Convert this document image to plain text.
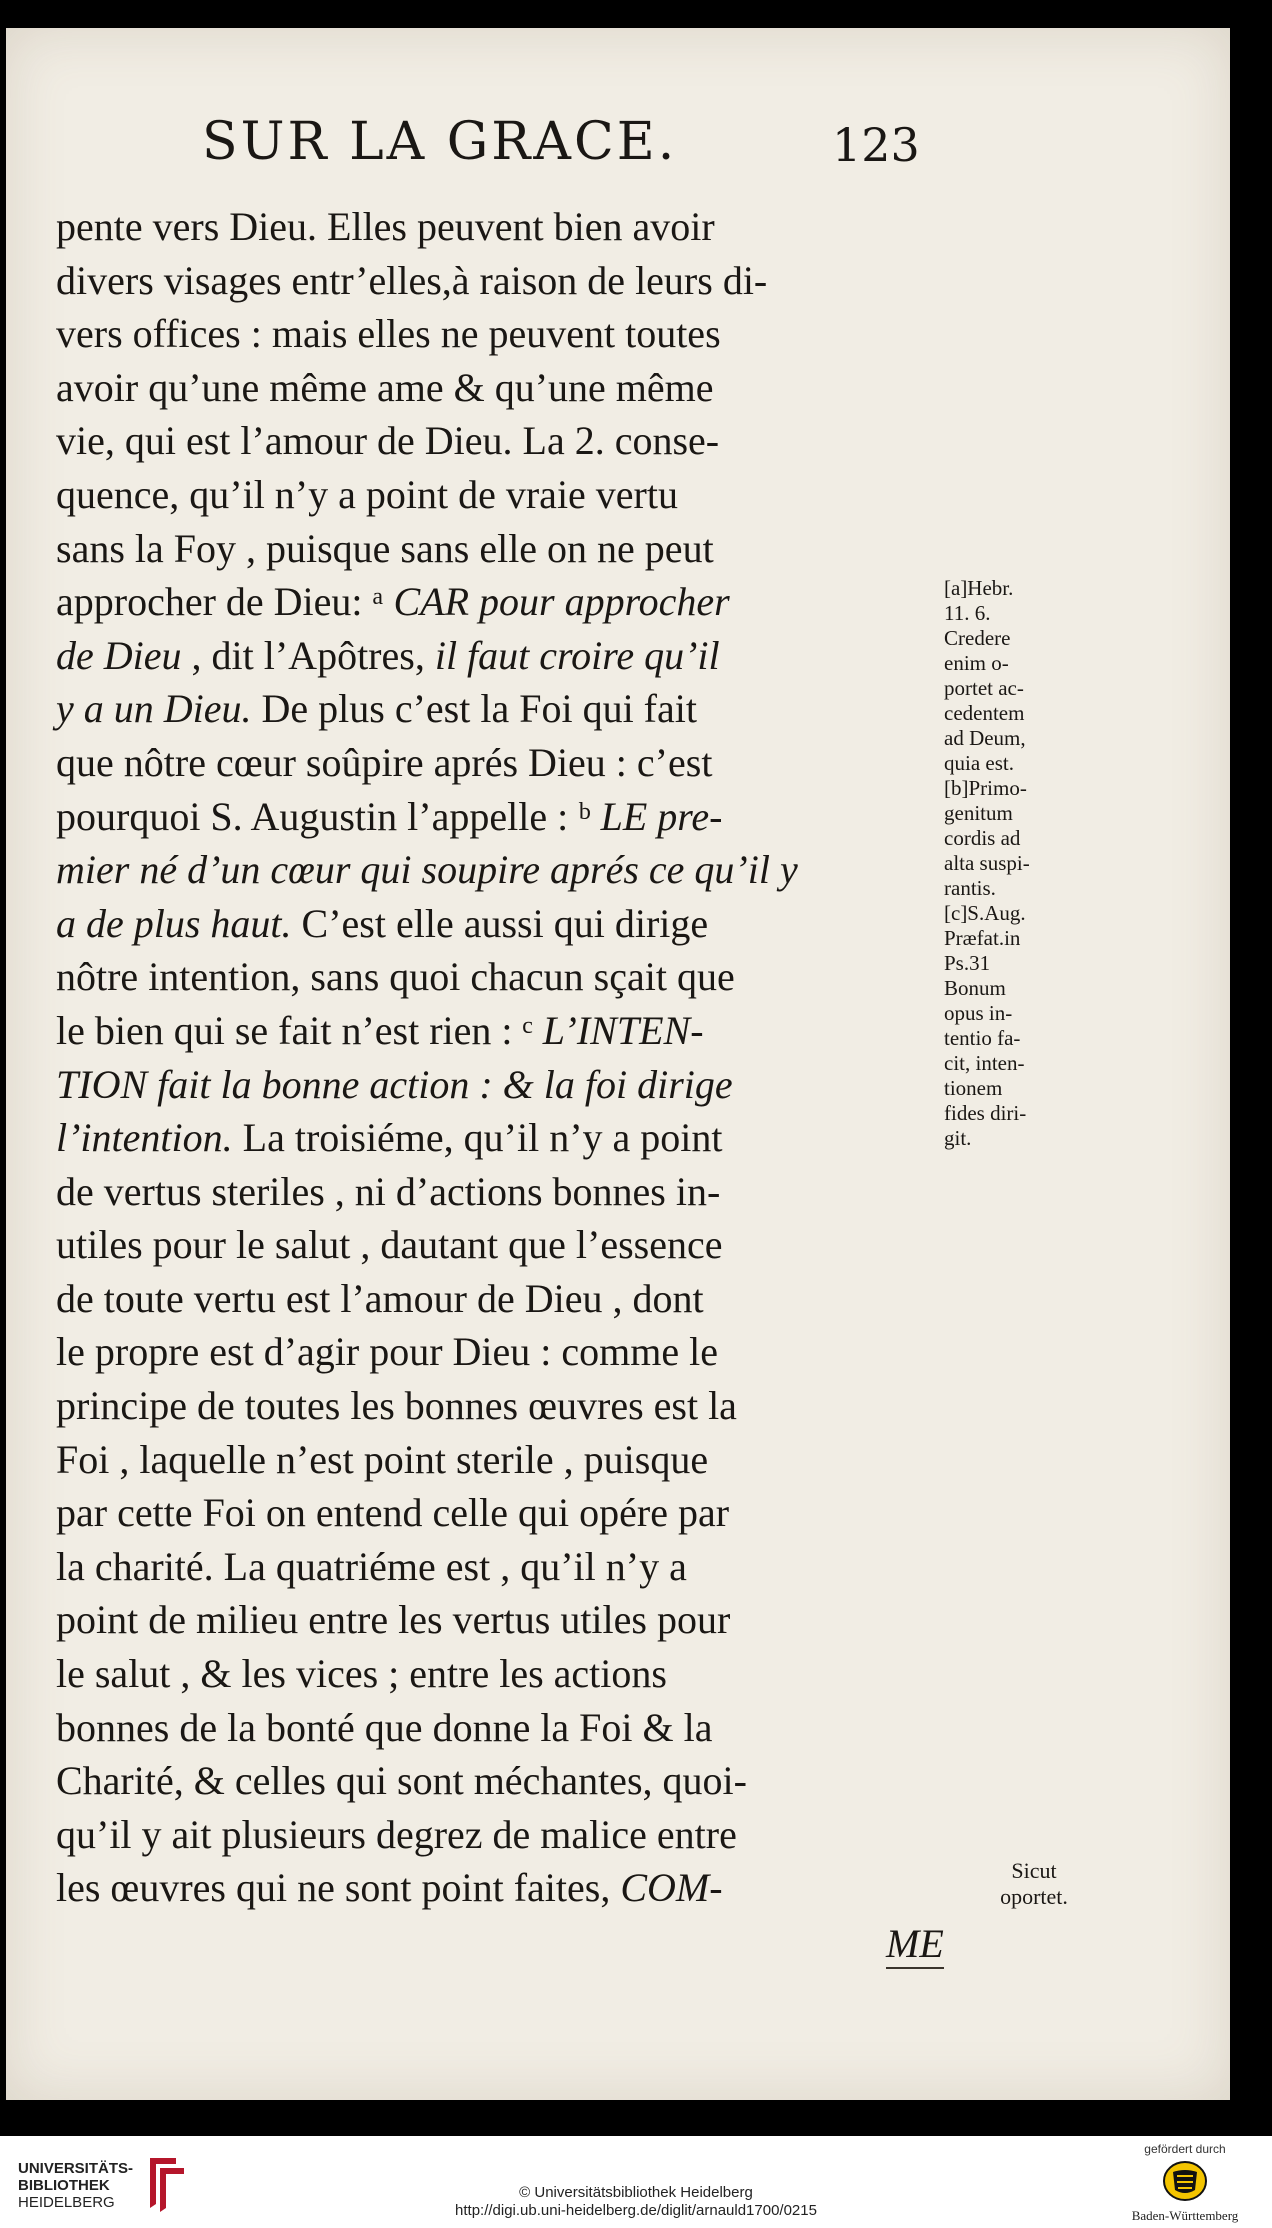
SUR LA GRACE.	123
pente vers Dieu. Elles peuvent bien avoir
divers visages entr’elles,à raison de leurs di-
vers offices : mais elles ne peuvent toutes
avoir qu’une même ame & qu’une même
vie, qui est l’amour de Dieu. La 2. conse-
quence, qu’il n’y a point de vraie vertu
sans la Foy , puisque sans elle on ne peut
approcher de Dieu: ᵃ CAR pour approcher
de Dieu , dit l’Apôtres, il faut croire qu’il
y a un Dieu. De plus c’est la Foi qui fait
que nôtre cœur soûpire aprés Dieu : c’est
pourquoi S. Augustin l’appelle : ᵇ LE pre-
mier né d’un cœur qui soupire aprés ce qu’il y
a de plus haut. C’est elle aussi qui dirige
nôtre intention, sans quoi chacun sçait que
le bien qui se fait n’est rien : ᶜ L’INTEN-
TION fait la bonne action : & la foi dirige
l’intention. La troisiéme, qu’il n’y a point
de vertus steriles , ni d’actions bonnes in-
utiles pour le salut , dautant que l’essence
de toute vertu est l’amour de Dieu , dont
le propre est d’agir pour Dieu : comme le
principe de toutes les bonnes œuvres est la
Foi , laquelle n’est point sterile , puisque
par cette Foi on entend celle qui opére par
la charité. La quatriéme est , qu’il n’y a
point de milieu entre les vertus utiles pour
le salut , & les vices ; entre les actions
bonnes de la bonté que donne la Foi & la
Charité, & celles qui sont méchantes, quoi-
qu’il y ait plusieurs degrez de malice entre
les œuvres qui ne sont point faites, COM-
[a]Hebr.
11. 6.
Credere
enim o-
portet ac-
cedentem
ad Deum,
quia est.
[b]Primo-
genitum
cordis ad
alta suspi-
rantis.
[c]S.Aug.
Præfat.in
Ps.31
Bonum
opus in-
tentio fa-
cit, inten-
tionem
fides diri-
git.
Sicut
oportet.
ME
UNIVERSITÄTS-
BIBLIOTHEK
HEIDELBERG
© Universitätsbibliothek Heidelberg
http://digi.ub.uni-heidelberg.de/diglit/arnauld1700/0215
gefördert durch
Baden-Württemberg
